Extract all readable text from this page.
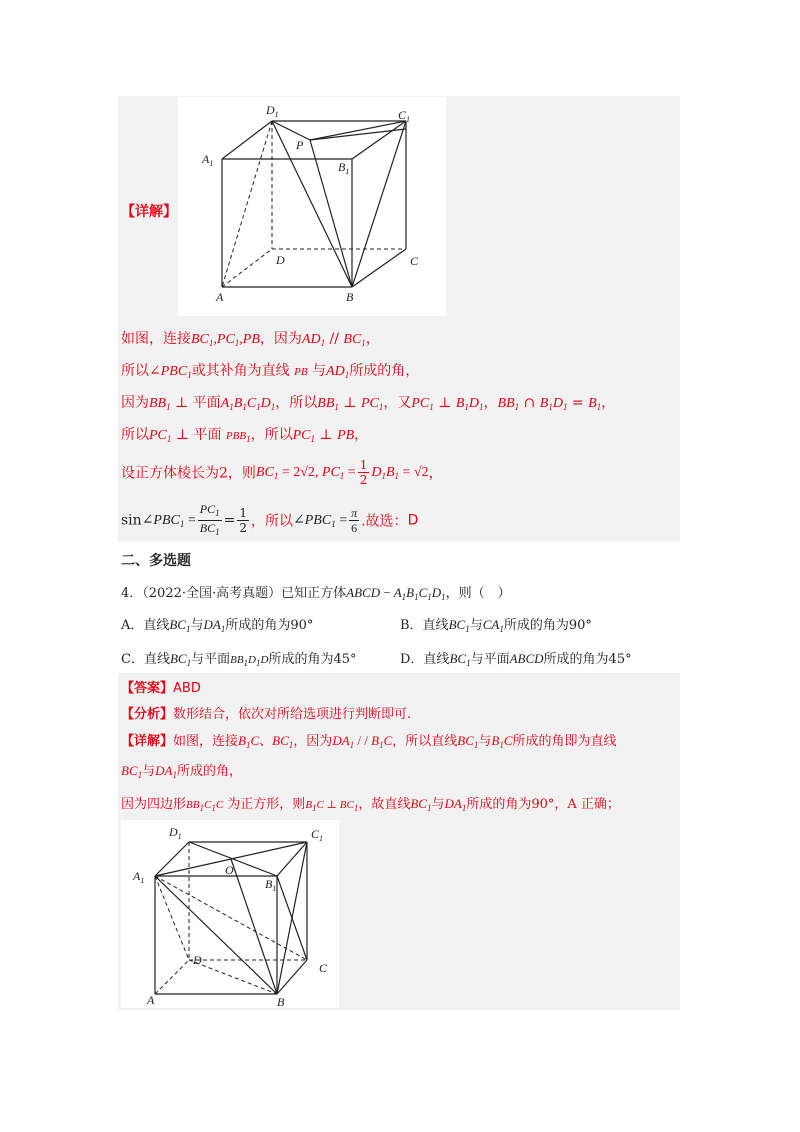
【详解】
$D_1$	$C_1$
$A_1$	$B_1$
P
D	C
A	B
如图，连接$BC_1,PC_1,PB$，因为$AD_1 // BC_1$，
所以$\angle PBC_1$或其补角为直线 PB 与$AD_1$所成的角，
因为$BB_1$ ⊥ 平面$A_1B_1C_1D_1$，所以$BB_1$ ⊥ $PC_1$，又$PC_1$ ⊥ $B_1D_1$，$BB_1$ ∩ $B_1D_1 = B_1$，
所以$PC_1$ ⊥ 平面 $PBB_1$，所以$PC_1$ ⊥ PB，
设正方体棱长为2，则$BC_1 = 2√2$, $PC_1 = \frac{1}{2} D_1B_1 = √2$，
$\sin\angle PBC_1 = \frac{PC_1}{BC_1} = \frac{1}{2}$ ，所以$\angle PBC_1 = \frac{\pi}{6}$ .故选：D
二、多选题
4．（2022·全国·高考真题）已知正方体ABCD − $A_1B_1C_1D_1$，则（　）
A．直线$BC_1$与$DA_1$所成的角为90°	B．直线$BC_1$与$CA_1$所成的角为90°
C．直线$BC_1$与平面$BB_1D_1D$所成的角为45°	D．直线$BC_1$与平面ABCD所成的角为45°
【答案】ABD
【分析】数形结合，依次对所给选项进行判断即可.
【详解】如图，连接$B_1C$、$BC_1$，因为$DA_1$ / / $B_1C$，所以直线$BC_1$与$B_1C$所成的角即为直线
$BC_1$与$DA_1$所成的角，
因为四边形$BB_1C_1C$ 为正方形，则$B_1C$ ⊥ $BC_1$，故直线$BC_1$与$DA_1$所成的角为90°，A 正确；
$D_1$	$C_1$
$A_1$	$B_1$
O
D
C
A	B
